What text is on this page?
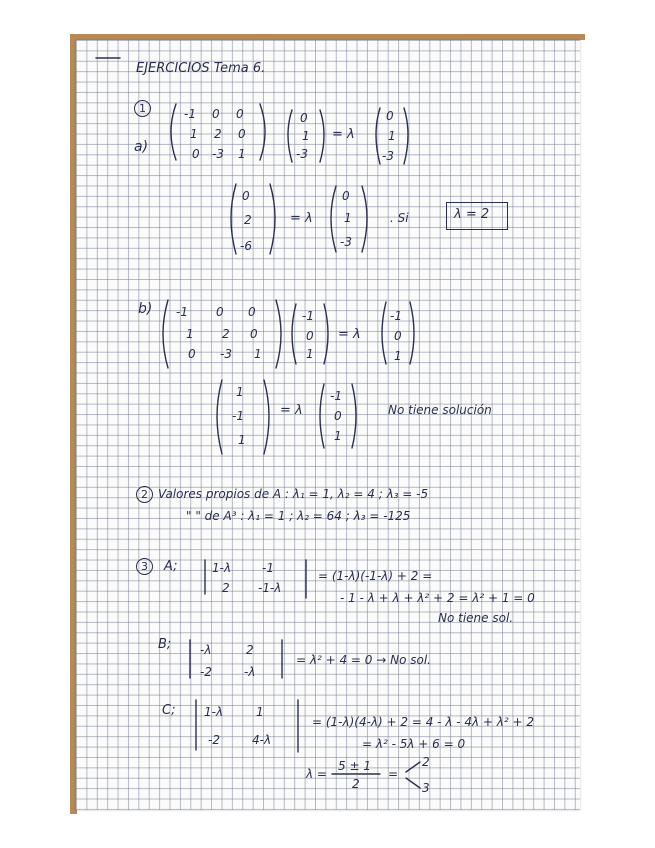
EJERCICIOS Tema 6.
1
a)
-1 0 0
1 2 0
0 -3 1
0
1
-3
= λ
0
1
-3
0
2
-6
= λ
0
1
-3
. Si	λ = 2
b) -1 0 0
1 2 0
0 -3 1
-1
0
1
= λ
-1
0
1
1
-1
1
= λ
-1
0
1
No tiene solución
2 Valores propios de A : λ₁ = 1, λ₂ = 4 ; λ₃ = -5
" " de A³ : λ₁ = 1 ; λ₂ = 64 ; λ₃ = -125
3	A;	1-λ	-1
2 -1-λ
= (1-λ)(-1-λ) + 2 =
- 1 - λ + λ + λ² + 2 = λ² + 1 = 0
No tiene sol.
B; -λ	2
-2	-λ
= λ² + 4 = 0 → No sol.
C; 1-λ	1
-2	4-λ
= (1-λ)(4-λ) + 2 = 4 - λ - 4λ + λ² + 2
= λ² - 5λ + 6 = 0
λ =
5 ± 1
2
=
2
3
